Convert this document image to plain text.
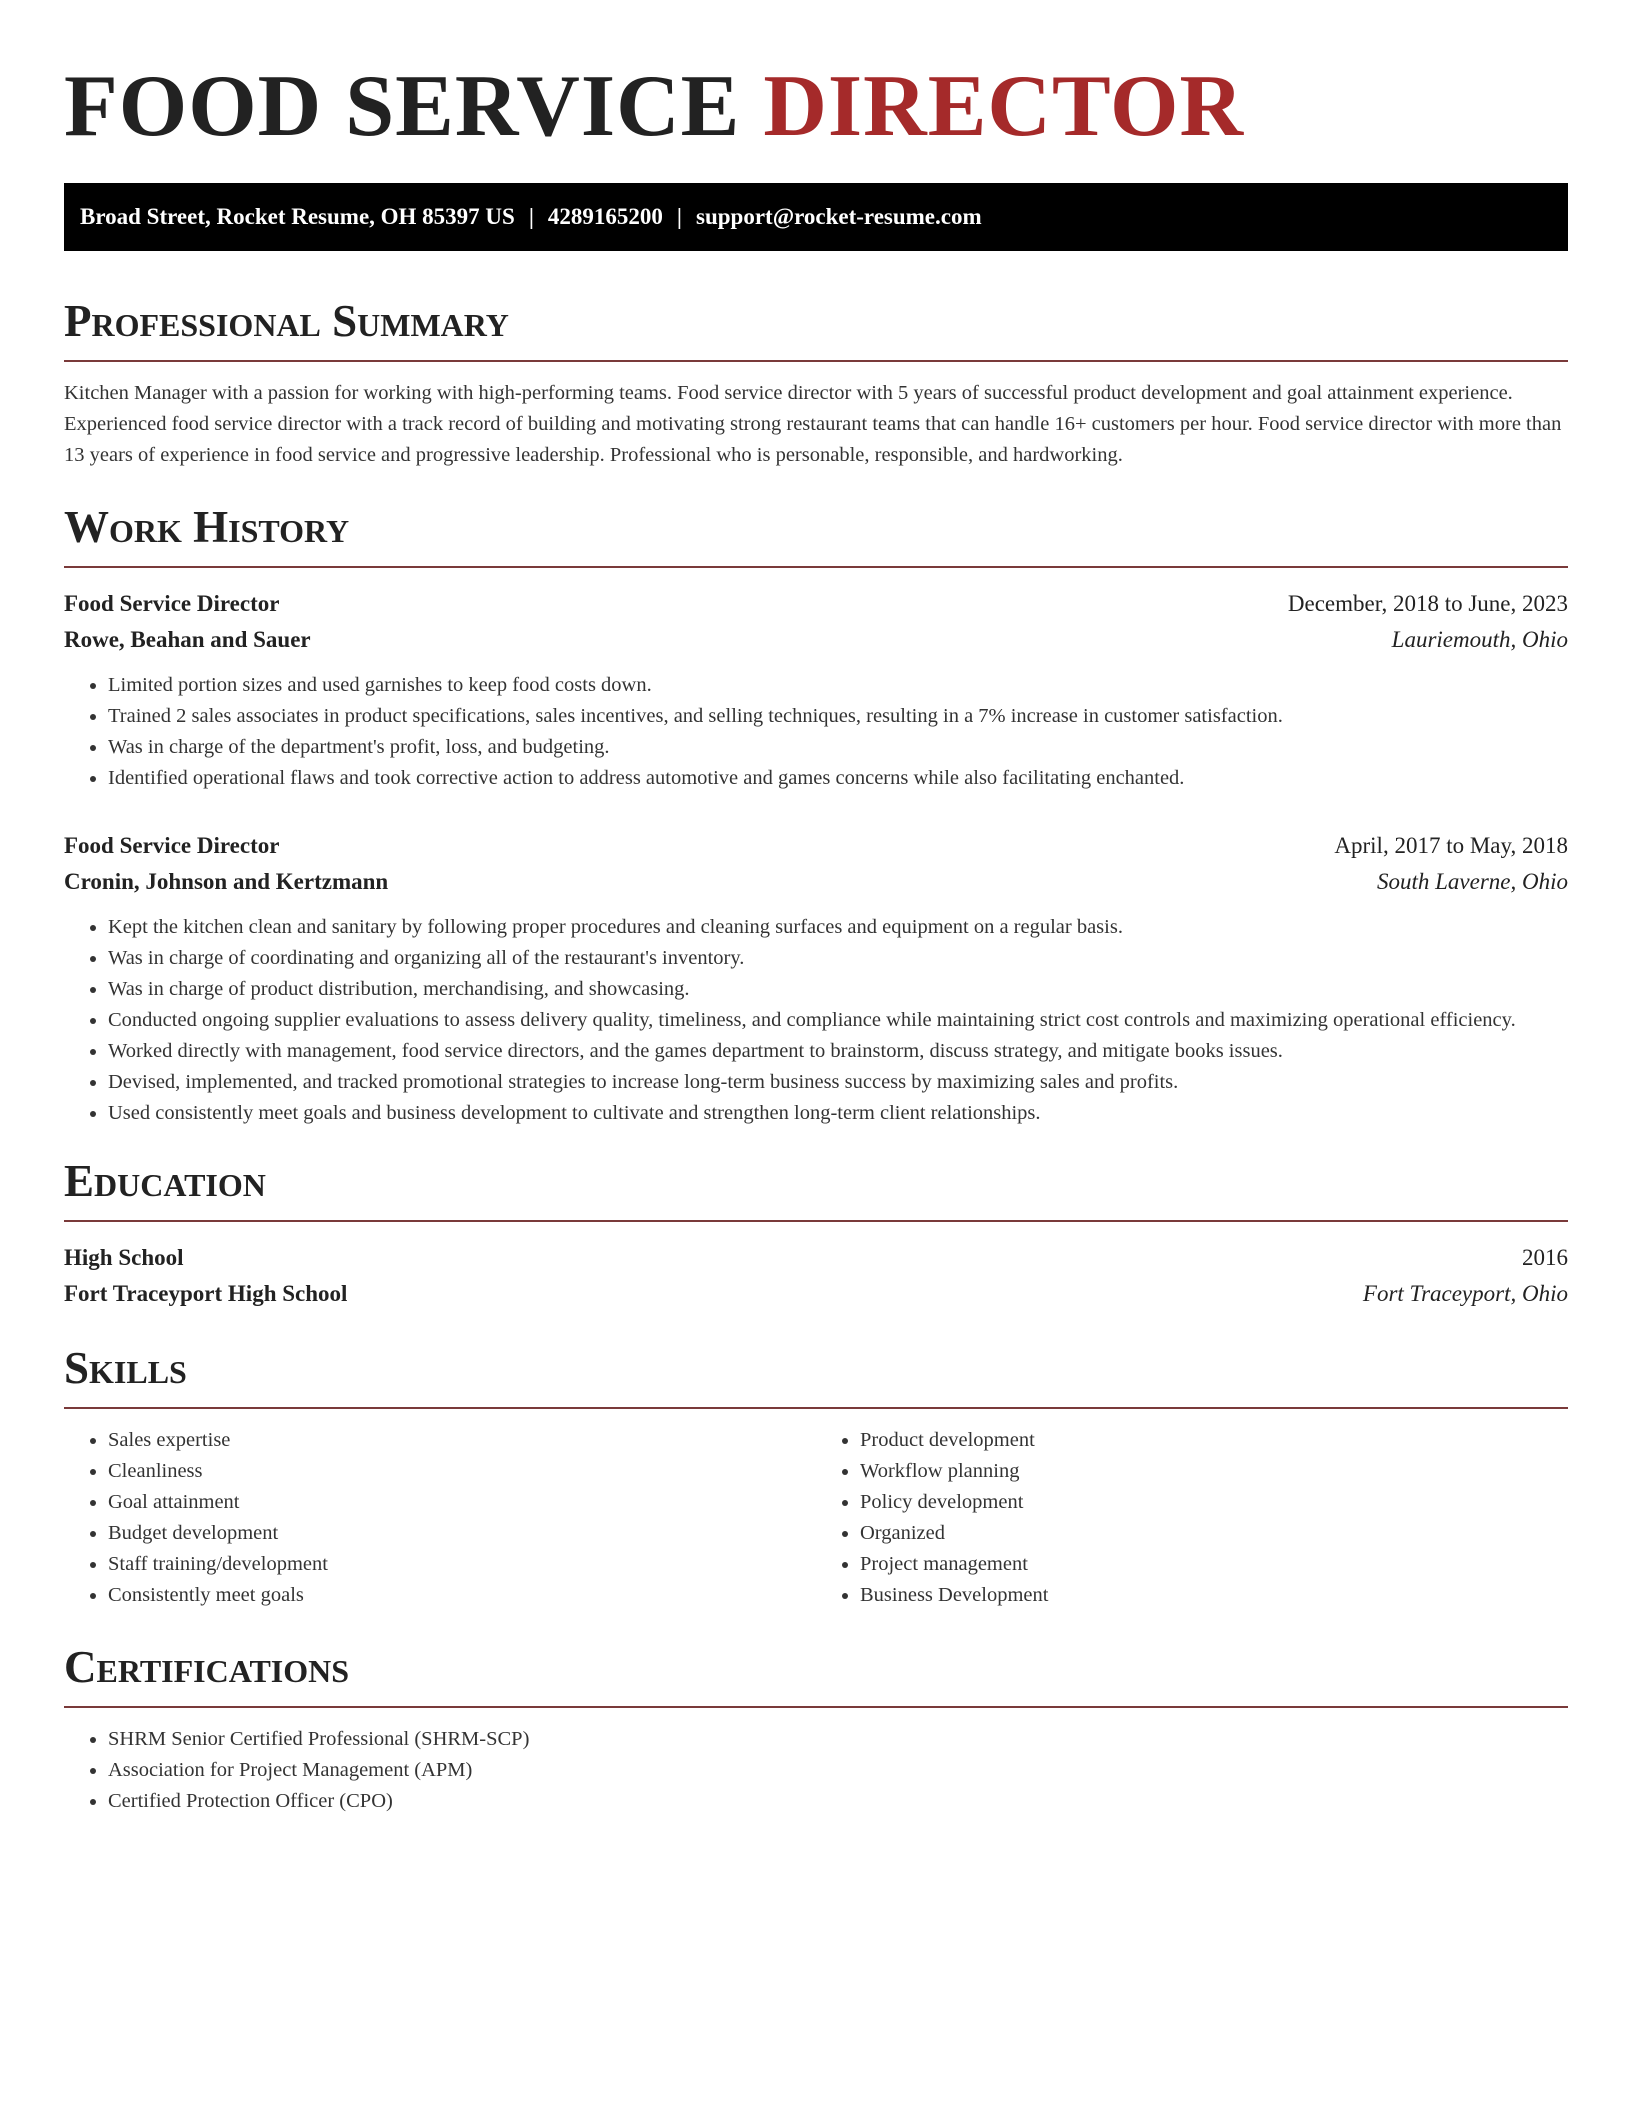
FOOD SERVICE DIRECTOR
Broad Street, Rocket Resume, OH 85397 US | 4289165200 | support@rocket-resume.com
Professional Summary

Kitchen Manager with a passion for working with high-performing teams. Food service director with 5 years of successful product development and goal attainment experience. Experienced food service director with a track record of building and motivating strong restaurant teams that can handle 16+ customers per hour. Food service director with more than 13 years of experience in food service and progressive leadership. Professional who is personable, responsible, and hardworking.

Work History
Food Service Director	December, 2018 to June, 2023
Rowe, Beahan and Sauer	Lauriemouth, Ohio
• Limited portion sizes and used garnishes to keep food costs down.
• Trained 2 sales associates in product specifications, sales incentives, and selling techniques, resulting in a 7% increase in customer satisfaction.
• Was in charge of the department's profit, loss, and budgeting.
• Identified operational flaws and took corrective action to address automotive and games concerns while also facilitating enchanted.
Food Service Director	April, 2017 to May, 2018
Cronin, Johnson and Kertzmann	South Laverne, Ohio
• Kept the kitchen clean and sanitary by following proper procedures and cleaning surfaces and equipment on a regular basis.
• Was in charge of coordinating and organizing all of the restaurant's inventory.
• Was in charge of product distribution, merchandising, and showcasing.
• Conducted ongoing supplier evaluations to assess delivery quality, timeliness, and compliance while maintaining strict cost controls and maximizing operational efficiency.
• Worked directly with management, food service directors, and the games department to brainstorm, discuss strategy, and mitigate books issues.
• Devised, implemented, and tracked promotional strategies to increase long-term business success by maximizing sales and profits.
• Used consistently meet goals and business development to cultivate and strengthen long-term client relationships.
Education
High School	2016
Fort Traceyport High School	Fort Traceyport, Ohio
Skills
• Sales expertise
• Cleanliness
• Goal attainment
• Budget development
• Staff training/development
• Consistently meet goals
• Product development
• Workflow planning
• Policy development
• Organized
• Project management
• Business Development
Certifications
• SHRM Senior Certified Professional (SHRM-SCP)
• Association for Project Management (APM)
• Certified Protection Officer (CPO)
